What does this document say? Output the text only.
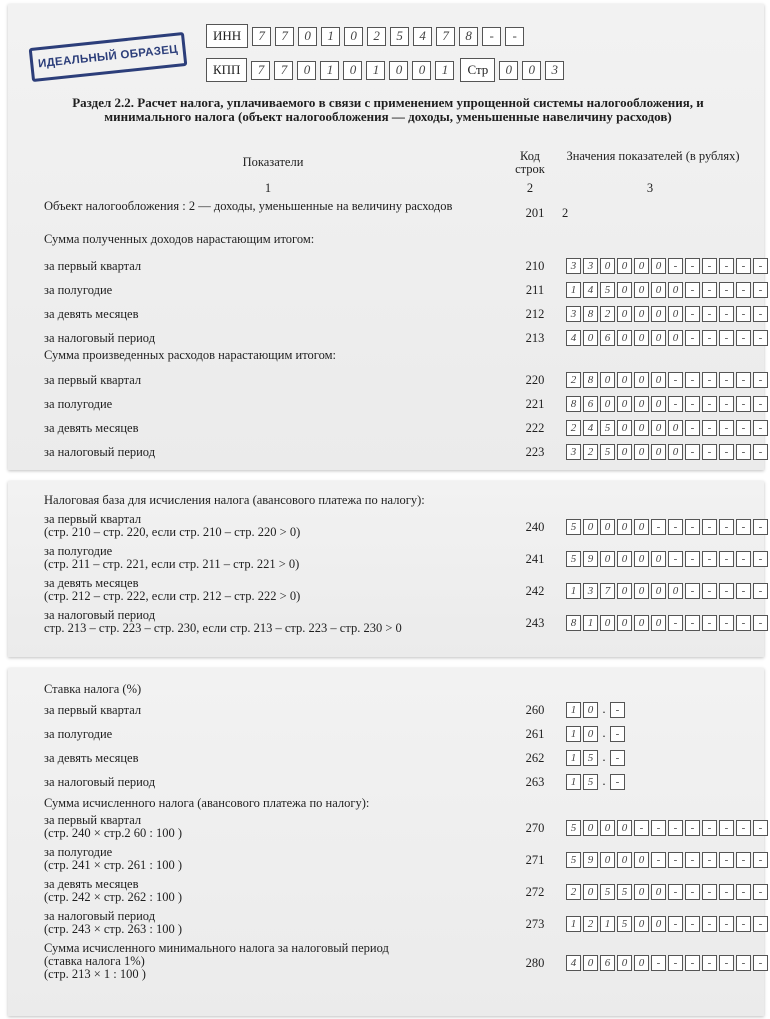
ИДЕАЛЬНЫЙ ОБРАЗЕЦ
ИНН	7	7	0	1	0	2	5	4	7	8	-	-
КПП	7	7	0	1	0	1	0	0	1	Стр	0	0	3
Раздел 2.2. Расчет налога, уплачиваемого в связи с применением упрощенной системы налогообложения, и минимального налога (объект налогообложения — доходы, уменьшенные навеличину расходов)
Показатели	Код строк
Значения показателей (в рублях)
1	2	3
Объект налогообложения : 2 — доходы, уменьшенные на величину расходов	201	2
Сумма полученных доходов нарастающим итогом:
за первый квартал	210	3	3	0	0	0	0	-	-	-	-	-	-
за полугодие	211	1	4	5	0	0	0	0	-	-	-	-	-
за девять месяцев	212	3	8	2	0	0	0	0	-	-	-	-	-
за налоговый период	213	4	0	6	0	0	0	0	-	-	-	-	-
Сумма произведенных расходов нарастающим итогом:
за первый квартал	220	2	8	0	0	0	0	-	-	-	-	-	-
за полугодие	221	8	6	0	0	0	0	-	-	-	-	-	-
за девять месяцев	222	2	4	5	0	0	0	0	-	-	-	-	-
за налоговый период	223	3	2	5	0	0	0	0	-	-	-	-	-
Налоговая база для исчисления налога (авансового платежа по налогу):
за первый квартал
(стр. 210 – стр. 220, если стр. 210 – стр. 220 > 0)	240	5	0	0	0	0	-	-	-	-	-	-	-
за полугодие
(стр. 211 – стр. 221, если стр. 211 – стр. 221 > 0)	241	5	9	0	0	0	0	-	-	-	-	-	-
за девять месяцев
(стр. 212 – стр. 222, если стр. 212 – стр. 222 > 0)	242	1	3	7	0	0	0	0	-	-	-	-	-
за налоговый период
стр. 213 – стр. 223 – стр. 230, если стр. 213 – стр. 223 – стр. 230 > 0	243	8	1	0	0	0	0	-	-	-	-	-	-
Ставка налога (%)
за первый квартал	260	1	0 . -
за полугодие	261	1	0 . -
за девять месяцев	262	1	5 . -
за налоговый период	263	1	5 . -
Сумма исчисленного налога (авансового платежа по налогу):
за первый квартал
(стр. 240 × стр.2 60 : 100 )	270	5	0	0	0	-	-	-	-	-	-	-	-
за полугодие
(стр. 241 × стр. 261 : 100 )	271	5	9	0	0	0	-	-	-	-	-	-	-
за девять месяцев
(стр. 242 × стр. 262 : 100 )	272	2	0	5	5	0	0	-	-	-	-	-	-
за налоговый период
(стр. 243 × стр. 263 : 100 )	273	1	2	1	5	0	0	-	-	-	-	-	-
Сумма исчисленного минимального налога за налоговый период
(ставка налога 1%)
(стр. 213 × 1 : 100 )
280	4	0	6	0	0	-	-	-	-	-	-	-
